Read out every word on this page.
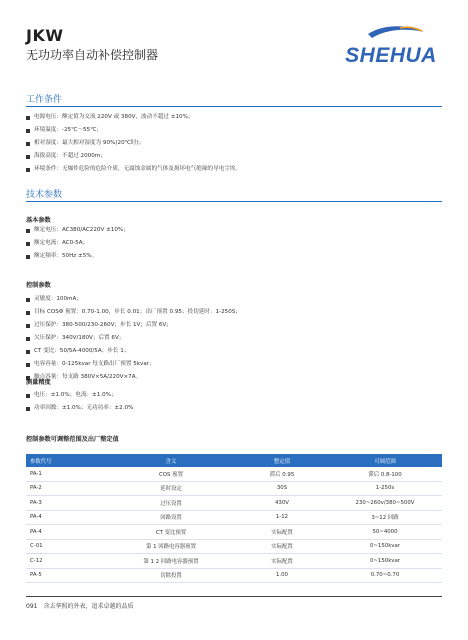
JKW
无功功率自动补偿控制器	SHEHUA
工作条件
电源电压：额定值为交流 220V 或 380V，波动不超过 ±10%；
环境温度：-25℃～55℃；
相对湿度：最大相对湿度为 90%(20℃时)；
海拔高度：不超过 2000m；
环境条件：无爆炸危险的危险介质，无腐蚀金属的气体及损坏电气绝缘的导电尘埃。
技术参数
基本参数
额定电压：AC380/AC220V ±10%；
额定电流：AC0-5A；
额定频率：50Hz ±5%。
控制参数
灵敏度：100mA；
目标 COSΦ 预置：0.70-1.00，步长 0.01；出厂预置 0.95；投切延时：1-250S；
过压保护：380-500/230-260V；步长 1V；后置 6V；
欠压保护：340V/180V；后置 6V；
CT 变比：50/5A-4000/5A；步长 1；
电容容量：0-125kvar 每支路出厂预置 5kvar；
触点容量：每支路 380V×5A/220V×7A。
测量精度
电压：±1.0%；电流：±1.0%；
功率因数：±1.0%；无功功率：±2.0%
控制参数可调整范围及出厂整定值
参数代号	含义	整定值	可调范围
PA-1	COS 预置	滞后 0.95	滞后 0.8-100
PA-2	延时设定	30S	1-250s
PA-3	过压设置	430V	230~260v/380~500V
PA-4	回路设置	1-12	3~12 回路
PA-4	CT 变比预置	实际配置	50~4000
C-01	第 1 回路电容器预置	实际配置	0~150kvar
C-12	第 1 2 回路电容器预置	实际配置	0~150kvar
PA-5	切除投置	1.00	0.70~0.70
091 含去华照的外表，追求卓越的品质
